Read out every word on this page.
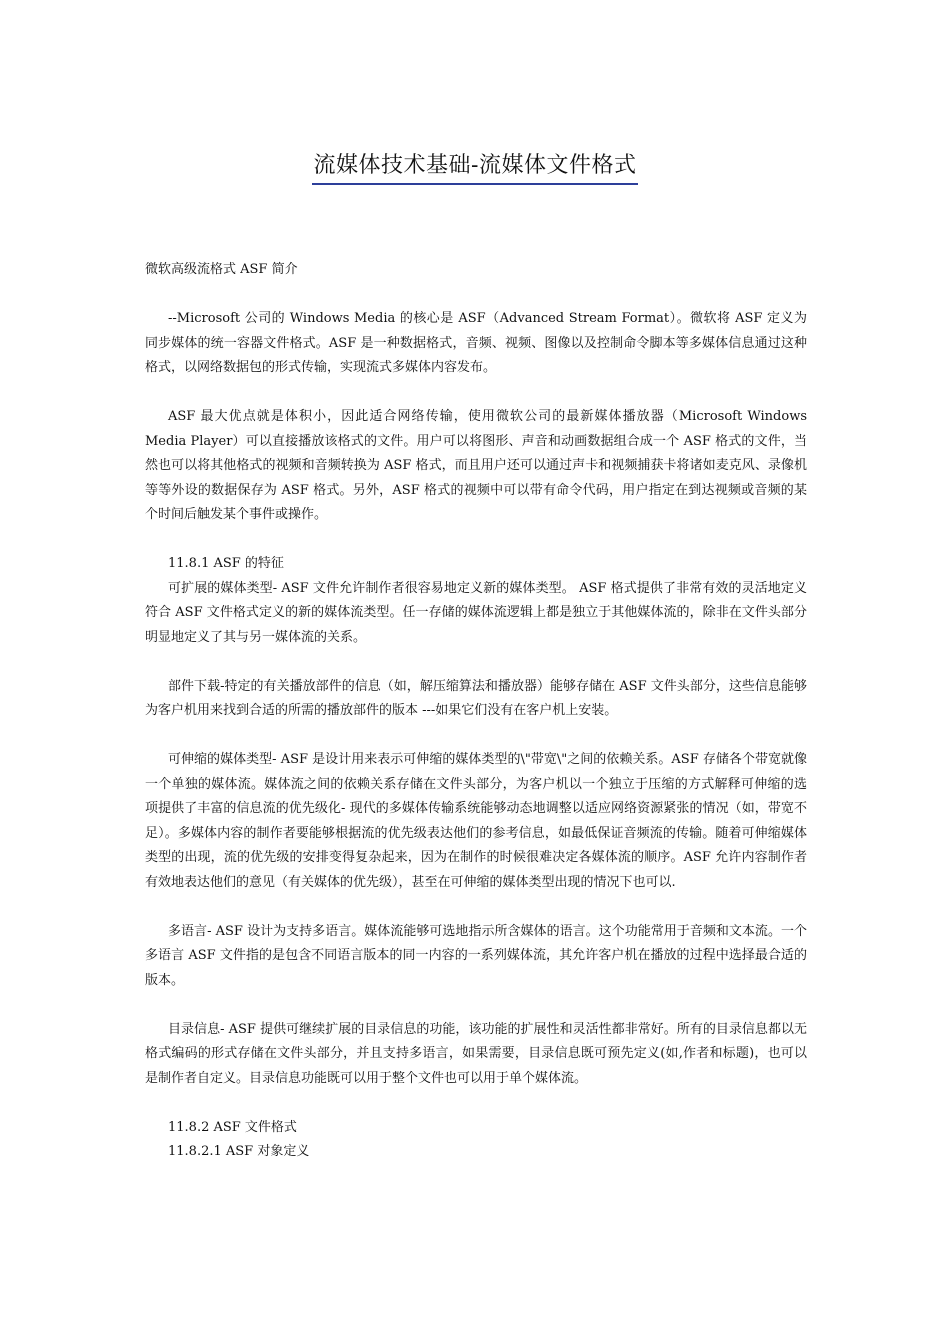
流媒体技术基础-流媒体文件格式

微软高级流格式 ASF 简介

--Microsoft 公司的 Windows Media 的核心是 ASF（Advanced Stream Format）。微软将 ASF 定义为同步媒体的统一容器文件格式。ASF 是一种数据格式，音频、视频、图像以及控制命令脚本等多媒体信息通过这种格式，以网络数据包的形式传输，实现流式多媒体内容发布。

ASF 最大优点就是体积小，因此适合网络传输，使用微软公司的最新媒体播放器（Microsoft Windows Media Player）可以直接播放该格式的文件。用户可以将图形、声音和动画数据组合成一个 ASF 格式的文件，当然也可以将其他格式的视频和音频转换为 ASF 格式，而且用户还可以通过声卡和视频捕获卡将诸如麦克风、录像机等等外设的数据保存为 ASF 格式。另外，ASF 格式的视频中可以带有命令代码，用户指定在到达视频或音频的某个时间后触发某个事件或操作。

11.8.1 ASF 的特征

可扩展的媒体类型- ASF 文件允许制作者很容易地定义新的媒体类型。 ASF 格式提供了非常有效的灵活地定义符合 ASF 文件格式定义的新的媒体流类型。任一存储的媒体流逻辑上都是独立于其他媒体流的，除非在文件头部分明显地定义了其与另一媒体流的关系。

部件下载-特定的有关播放部件的信息（如，解压缩算法和播放器）能够存储在 ASF 文件头部分，这些信息能够为客户机用来找到合适的所需的播放部件的版本 ---如果它们没有在客户机上安装。

可伸缩的媒体类型- ASF 是设计用来表示可伸缩的媒体类型的\"带宽\"之间的依赖关系。ASF 存储各个带宽就像一个单独的媒体流。媒体流之间的依赖关系存储在文件头部分，为客户机以一个独立于压缩的方式解释可伸缩的选项提供了丰富的信息流的优先级化- 现代的多媒体传输系统能够动态地调整以适应网络资源紧张的情况（如，带宽不足）。多媒体内容的制作者要能够根据流的优先级表达他们的参考信息，如最低保证音频流的传输。随着可伸缩媒体类型的出现，流的优先级的安排变得复杂起来，因为在制作的时候很难决定各媒体流的顺序。ASF 允许内容制作者有效地表达他们的意见（有关媒体的优先级），甚至在可伸缩的媒体类型出现的情况下也可以.

多语言- ASF 设计为支持多语言。媒体流能够可选地指示所含媒体的语言。这个功能常用于音频和文本流。一个多语言 ASF 文件指的是包含不同语言版本的同一内容的一系列媒体流，其允许客户机在播放的过程中选择最合适的版本。

目录信息- ASF 提供可继续扩展的目录信息的功能，该功能的扩展性和灵活性都非常好。所有的目录信息都以无格式编码的形式存储在文件头部分，并且支持多语言，如果需要，目录信息既可预先定义(如,作者和标题)，也可以是制作者自定义。目录信息功能既可以用于整个文件也可以用于单个媒体流。

11.8.2 ASF 文件格式

11.8.2.1 ASF 对象定义
